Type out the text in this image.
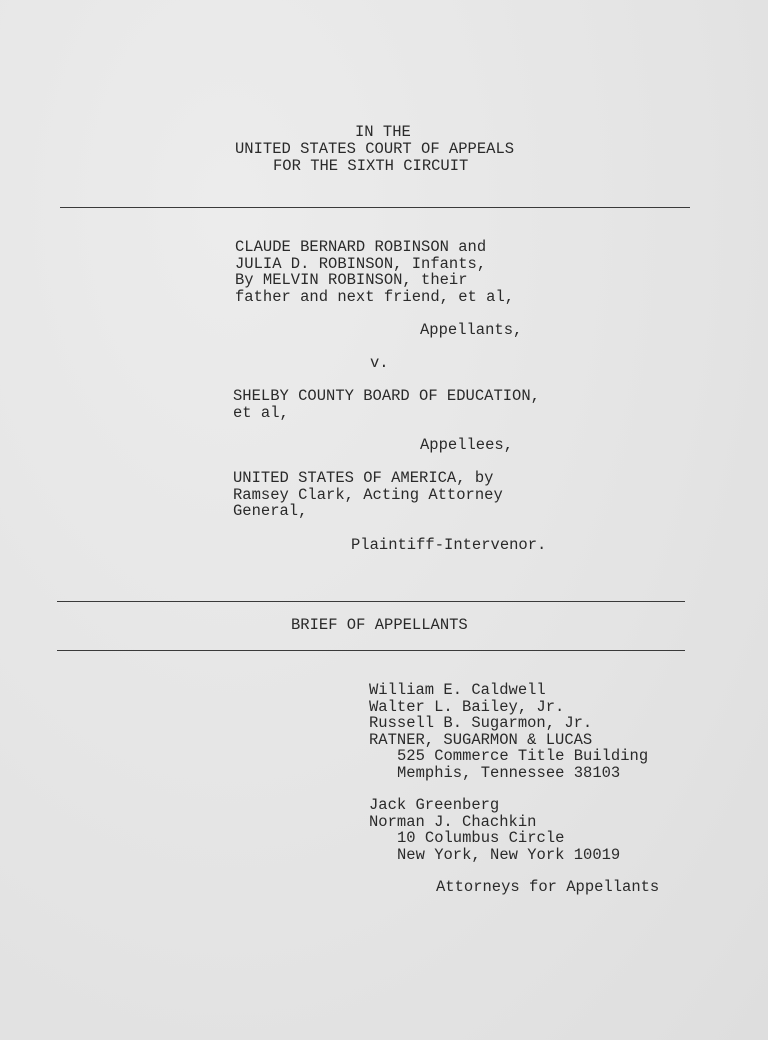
IN THE
UNITED STATES COURT OF APPEALS
FOR THE SIXTH CIRCUIT
CLAUDE BERNARD ROBINSON and
JULIA D. ROBINSON, Infants,
By MELVIN ROBINSON, their
father and next friend, et al,
Appellants,
v.
SHELBY COUNTY BOARD OF EDUCATION,
et al,
Appellees,
UNITED STATES OF AMERICA, by
Ramsey Clark, Acting Attorney
General,
Plaintiff-Intervenor.
BRIEF OF APPELLANTS
William E. Caldwell
Walter L. Bailey, Jr.
Russell B. Sugarmon, Jr.
RATNER, SUGARMON & LUCAS
525 Commerce Title Building
Memphis, Tennessee 38103
Jack Greenberg
Norman J. Chachkin
10 Columbus Circle
New York, New York 10019
Attorneys for Appellants
